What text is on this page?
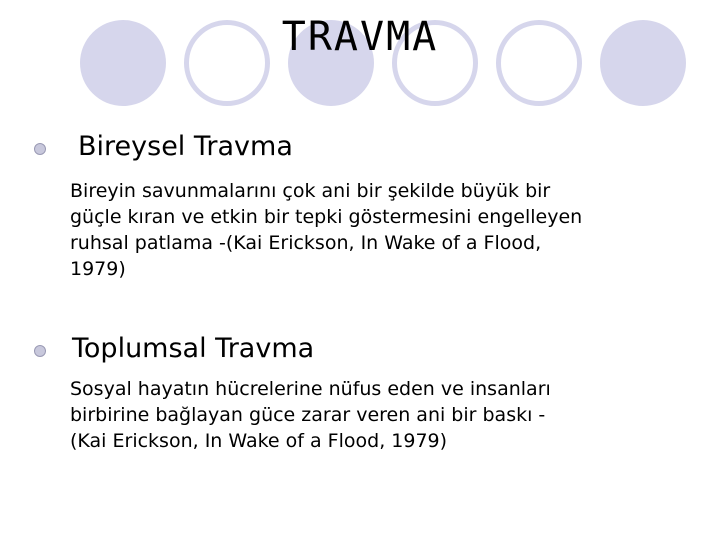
TRAVMA
Bireysel Travma
Bireyin savunmalarını çok ani bir şekilde büyük bir
güçle kıran ve etkin bir tepki göstermesini engelleyen
ruhsal patlama -(Kai Erickson, In Wake of a Flood,
1979)
Toplumsal Travma
Sosyal hayatın hücrelerine nüfus eden ve insanları
birbirine bağlayan güce zarar veren ani bir baskı -
(Kai Erickson, In Wake of a Flood, 1979)
